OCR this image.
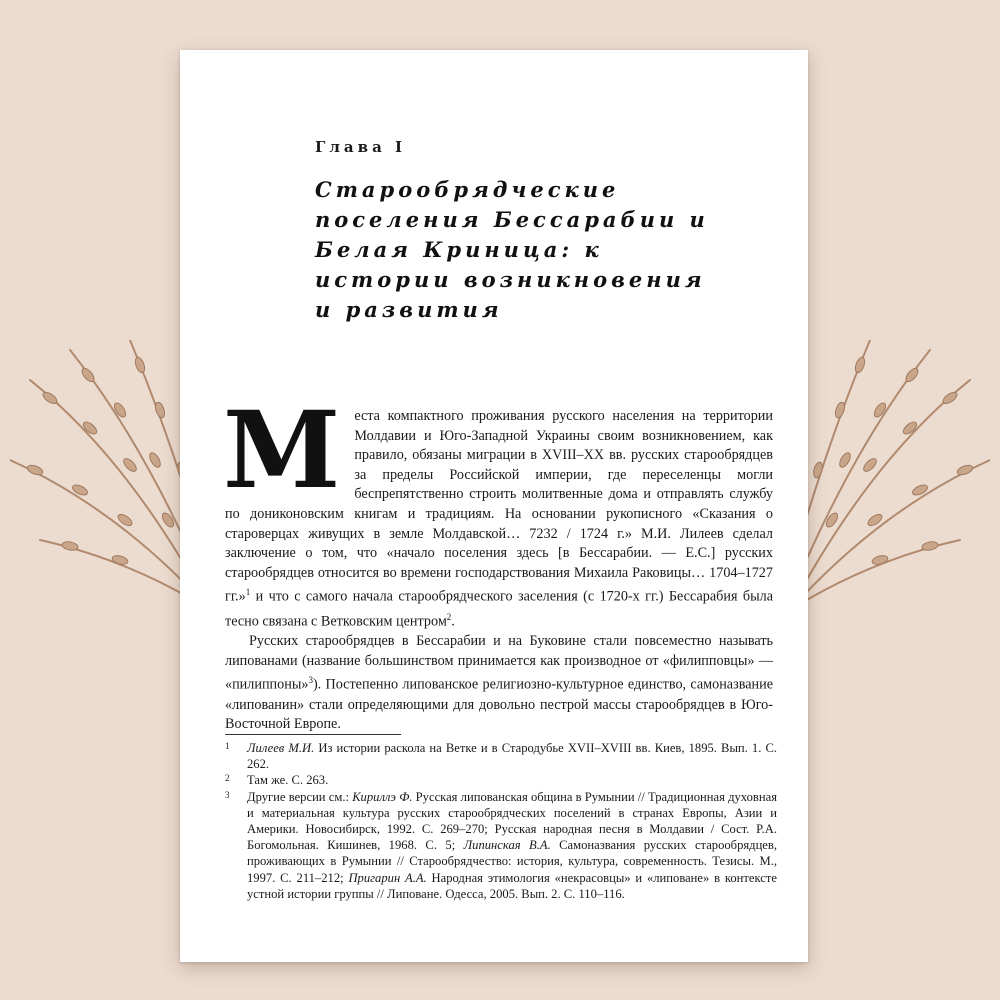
Глава I
Старообрядческие поселения Бессарабии и Белая Криница: к истории возникновения и развития

Места компактного проживания русского населения на территории Молдавии и Юго-Западной Украины своим возникновением, как правило, обязаны миграции в XVIII–XX вв. русских старообрядцев за пределы Российской империи, где переселенцы могли беспрепятственно строить молитвенные дома и отправлять службу по дониконовским книгам и традициям. На основании рукописного «Сказания о староверцах живущих в земле Молдавской… 7232 / 1724 г.» М.И. Лилеев сделал заключение о том, что «начало поселения здесь [в Бессарабии. — Е.С.] русских старообрядцев относится во времени господарствования Михаила Раковицы… 1704–1727 гг.»$^1$ и что с самого начала старообрядческого заселения (с 1720-х гг.) Бессарабия была тесно связана с Ветковским центром$^2$.

Русских старообрядцев в Бессарабии и на Буковине стали повсеместно называть липованами (название большинством принимается как производное от «филипповцы» — «пилиппоны»$^3$). Постепенно липованское религиозно-культурное единство, самоназвание «липованин» стали определяющими для довольно пестрой массы старообрядцев в Юго-Восточной Европе.

1 Лилеев М.И. Из истории раскола на Ветке и в Стародубье XVII–XVIII вв. Киев, 1895. Вып. 1. С. 262.

2 Там же. С. 263.

3 Другие версии см.: Кириллэ Ф. Русская липованская община в Румынии // Традиционная духовная и материальная культура русских старообрядческих поселений в странах Европы, Азии и Америки. Новосибирск, 1992. С. 269–270; Русская народная песня в Молдавии / Сост. Р.А. Богомольная. Кишинев, 1968. С. 5; Липинская В.А. Самоназвания русских старообрядцев, проживающих в Румынии // Старообрядчество: история, культура, современность. Тезисы. М., 1997. С. 211–212; Пригарин А.А. Народная этимология «некрасовцы» и «липоване» в контексте устной истории группы // Липоване. Одесса, 2005. Вып. 2. С. 110–116.
